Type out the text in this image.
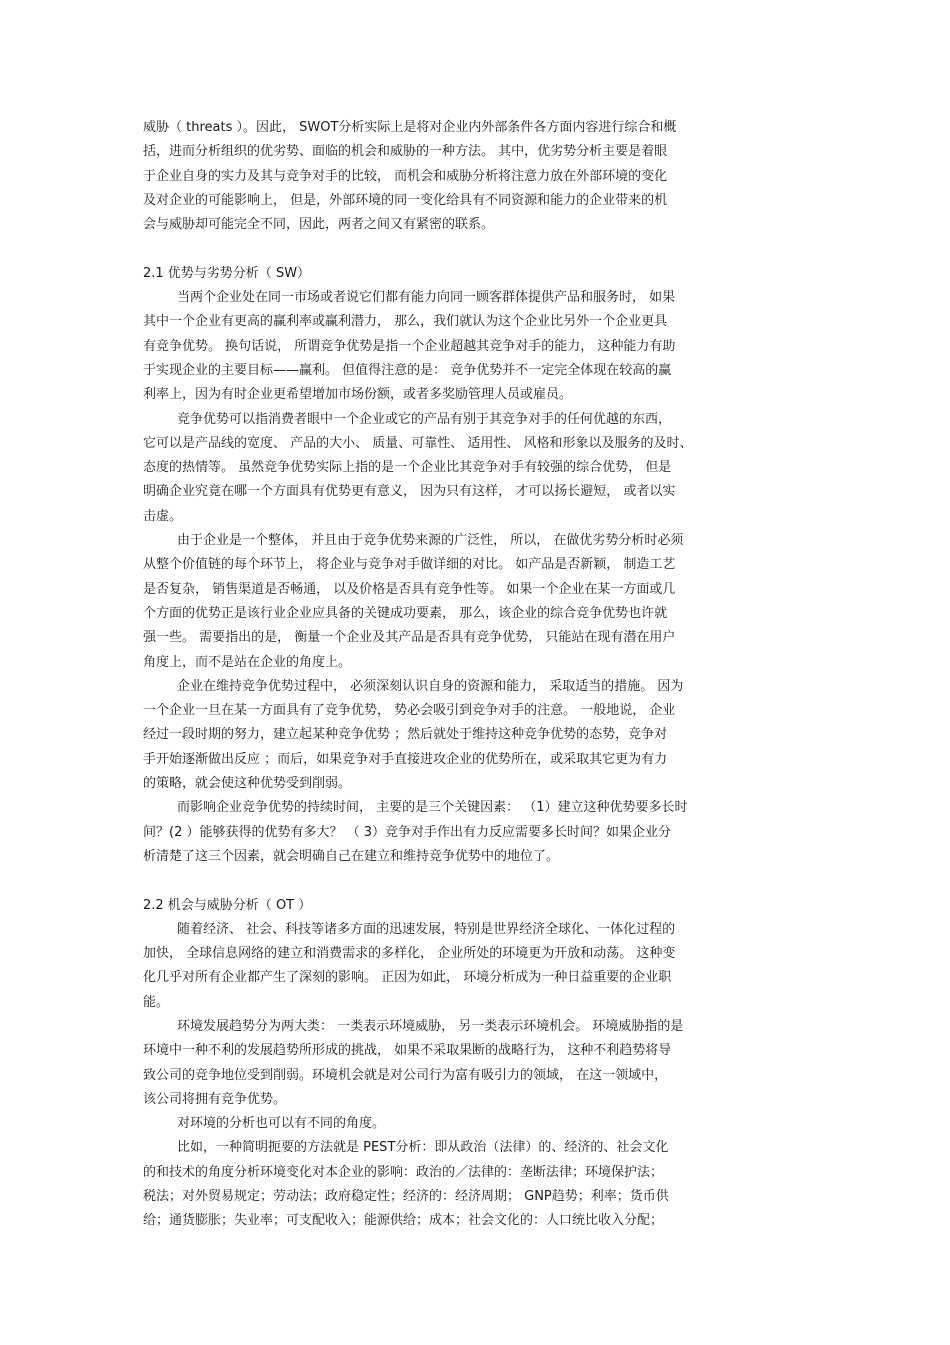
威胁（ threats ）。因此， SWOT分析实际上是将对企业内外部条件各方面内容进行综合和概
括，进而分析组织的优劣势、面临的机会和威胁的一种方法。 其中，优劣势分析主要是着眼
于企业自身的实力及其与竞争对手的比较， 而机会和威胁分析将注意力放在外部环境的变化
及对企业的可能影响上， 但是，外部环境的同一变化给具有不同资源和能力的企业带来的机
会与威胁却可能完全不同，因此，两者之间又有紧密的联系。
2.1 优势与劣势分析（ SW）
当两个企业处在同一市场或者说它们都有能力向同一顾客群体提供产品和服务时， 如果
其中一个企业有更高的赢利率或赢利潜力， 那么，我们就认为这个企业比另外一个企业更具
有竞争优势。 换句话说， 所谓竞争优势是指一个企业超越其竞争对手的能力， 这种能力有助
于实现企业的主要目标——赢利。 但值得注意的是： 竞争优势并不一定完全体现在较高的赢
利率上，因为有时企业更希望增加市场份额，或者多奖励管理人员或雇员。
竞争优势可以指消费者眼中一个企业或它的产品有别于其竞争对手的任何优越的东西，
它可以是产品线的宽度、 产品的大小、 质量、可靠性、 适用性、 风格和形象以及服务的及时、
态度的热情等。 虽然竞争优势实际上指的是一个企业比其竞争对手有较强的综合优势， 但是
明确企业究竟在哪一个方面具有优势更有意义， 因为只有这样， 才可以扬长避短， 或者以实
击虚。
由于企业是一个整体， 并且由于竞争优势来源的广泛性， 所以， 在做优劣势分析时必须
从整个价值链的每个环节上， 将企业与竞争对手做详细的对比。 如产品是否新颖， 制造工艺
是否复杂， 销售渠道是否畅通， 以及价格是否具有竞争性等。 如果一个企业在某一方面或几
个方面的优势正是该行业企业应具备的关键成功要素， 那么，该企业的综合竞争优势也许就
强一些。 需要指出的是， 衡量一个企业及其产品是否具有竞争优势， 只能站在现有潜在用户
角度上，而不是站在企业的角度上。
企业在维持竞争优势过程中， 必须深刻认识自身的资源和能力， 采取适当的措施。 因为
一个企业一旦在某一方面具有了竞争优势， 势必会吸引到竞争对手的注意。 一般地说， 企业
经过一段时期的努力，建立起某种竞争优势 ；然后就处于维持这种竞争优势的态势，竞争对
手开始逐渐做出反应 ；而后，如果竞争对手直接进攻企业的优势所在，或采取其它更为有力
的策略，就会使这种优势受到削弱。
而影响企业竞争优势的持续时间， 主要的是三个关键因素： （1）建立这种优势要多长时
间？(2 ）能够获得的优势有多大？ （ 3）竞争对手作出有力反应需要多长时间？如果企业分
析清楚了这三个因素，就会明确自己在建立和维持竞争优势中的地位了。
2.2 机会与威胁分析（ OT ）
随着经济、 社会、科技等诸多方面的迅速发展，特别是世界经济全球化、一体化过程的
加快， 全球信息网络的建立和消费需求的多样化， 企业所处的环境更为开放和动荡。 这种变
化几乎对所有企业都产生了深刻的影响。 正因为如此， 环境分析成为一种日益重要的企业职
能。
环境发展趋势分为两大类： 一类表示环境威胁， 另一类表示环境机会。 环境威胁指的是
环境中一种不利的发展趋势所形成的挑战， 如果不采取果断的战略行为， 这种不利趋势将导
致公司的竞争地位受到削弱。环境机会就是对公司行为富有吸引力的领域， 在这一领域中，
该公司将拥有竞争优势。
对环境的分析也可以有不同的角度。
比如，一种简明扼要的方法就是 PEST分析：即从政治（法律）的、经济的、社会文化
的和技术的角度分析环境变化对本企业的影响：政治的／法律的：垄断法律；环境保护法；
税法；对外贸易规定；劳动法；政府稳定性；经济的：经济周期； GNP趋势；利率；货币供
给；通货膨胀；失业率；可支配收入；能源供给；成本；社会文化的：人口统比收入分配；
